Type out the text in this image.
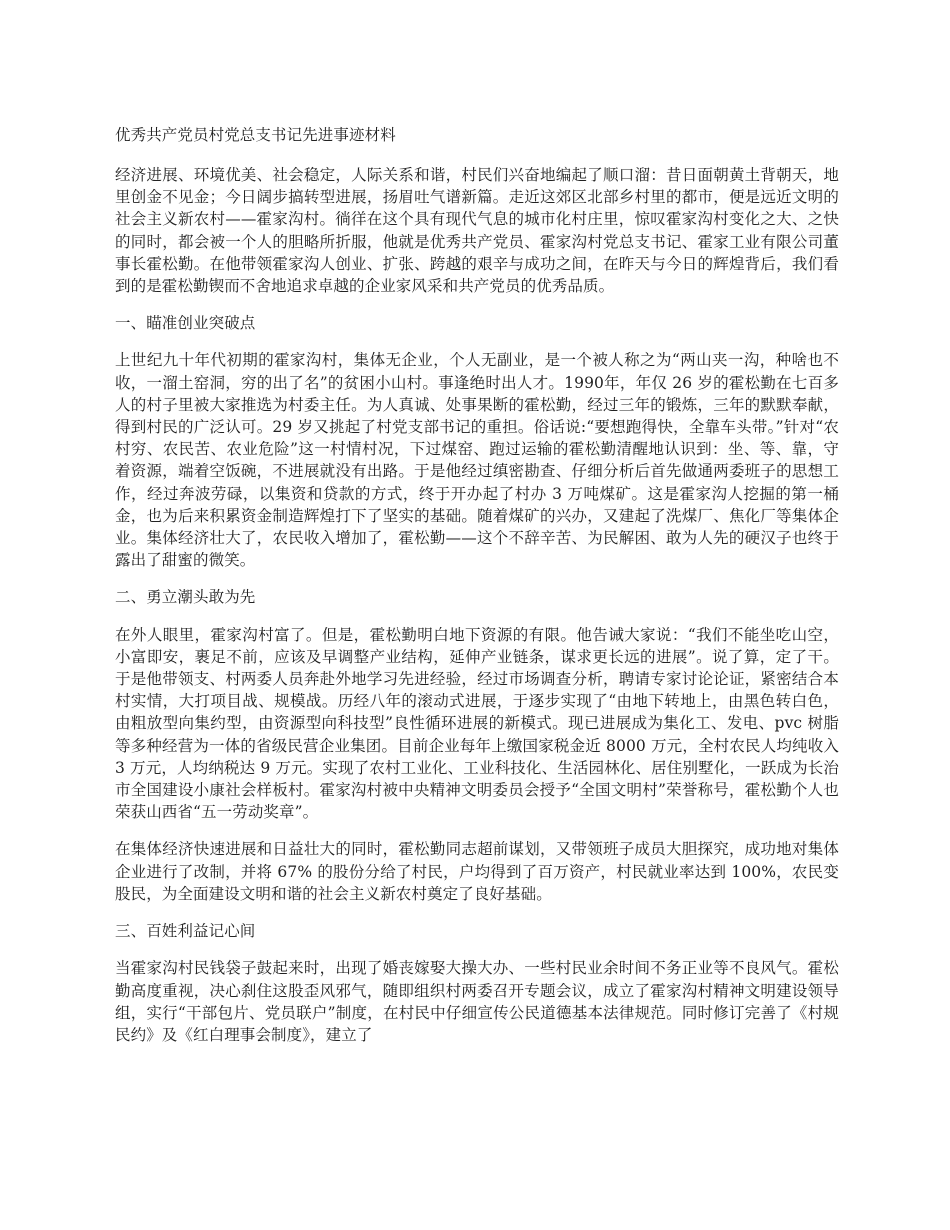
优秀共产党员村党总支书记先进事迹材料

经济进展、环境优美、社会稳定，人际关系和谐，村民们兴奋地编起了顺口溜：昔日面朝黄土背朝天，地里创金不见金；今日阔步搞转型进展，扬眉吐气谱新篇。走近这郊区北部乡村里的都市，便是远近文明的社会主义新农村——霍家沟村。徜徉在这个具有现代气息的城市化村庄里，惊叹霍家沟村变化之大、之快的同时，都会被一个人的胆略所折服，他就是优秀共产党员、霍家沟村党总支书记、霍家工业有限公司董事长霍松勤。在他带领霍家沟人创业、扩张、跨越的艰辛与成功之间，在昨天与今日的辉煌背后，我们看到的是霍松勤锲而不舍地追求卓越的企业家风采和共产党员的优秀品质。

一、瞄准创业突破点

上世纪九十年代初期的霍家沟村，集体无企业，个人无副业，是一个被人称之为“两山夹一沟，种啥也不收，一溜土窑洞，穷的出了名”的贫困小山村。事逢绝时出人才。1990年，年仅 26 岁的霍松勤在七百多人的村子里被大家推选为村委主任。为人真诚、处事果断的霍松勤，经过三年的锻炼，三年的默默奉献，得到村民的广泛认可。29 岁又挑起了村党支部书记的重担。俗话说:“要想跑得快，全靠车头带。”针对“农村穷、农民苦、农业危险”这一村情村况，下过煤窑、跑过运输的霍松勤清醒地认识到：坐、等、靠，守着资源，端着空饭碗，不进展就没有出路。于是他经过缜密勘查、仔细分析后首先做通两委班子的思想工作，经过奔波劳碌，以集资和贷款的方式，终于开办起了村办 3 万吨煤矿。这是霍家沟人挖掘的第一桶金，也为后来积累资金制造辉煌打下了坚实的基础。随着煤矿的兴办，又建起了洗煤厂、焦化厂等集体企业。集体经济壮大了，农民收入增加了，霍松勤——这个不辞辛苦、为民解困、敢为人先的硬汉子也终于露出了甜蜜的微笑。

二、勇立潮头敢为先

在外人眼里，霍家沟村富了。但是，霍松勤明白地下资源的有限。他告诫大家说：“我们不能坐吃山空，小富即安，裹足不前，应该及早调整产业结构，延伸产业链条，谋求更长远的进展”。说了算，定了干。于是他带领支、村两委人员奔赴外地学习先进经验，经过市场调查分析，聘请专家讨论论证，紧密结合本村实情，大打项目战、规模战。历经八年的滚动式进展，于逐步实现了“由地下转地上，由黑色转白色，由粗放型向集约型，由资源型向科技型”良性循环进展的新模式。现已进展成为集化工、发电、pvc 树脂等多种经营为一体的省级民营企业集团。目前企业每年上缴国家税金近 8000 万元，全村农民人均纯收入 3 万元，人均纳税达 9 万元。实现了农村工业化、工业科技化、生活园林化、居住别墅化，一跃成为长治市全国建设小康社会样板村。霍家沟村被中央精神文明委员会授予“全国文明村”荣誉称号，霍松勤个人也荣获山西省“五一劳动奖章”。

在集体经济快速进展和日益壮大的同时，霍松勤同志超前谋划，又带领班子成员大胆探究，成功地对集体企业进行了改制，并将 67% 的股份分给了村民，户均得到了百万资产，村民就业率达到 100%，农民变股民，为全面建设文明和谐的社会主义新农村奠定了良好基础。

三、百姓利益记心间

当霍家沟村民钱袋子鼓起来时，出现了婚丧嫁娶大操大办、一些村民业余时间不务正业等不良风气。霍松勤高度重视，决心刹住这股歪风邪气，随即组织村两委召开专题会议，成立了霍家沟村精神文明建设领导组，实行“干部包片、党员联户”制度，在村民中仔细宣传公民道德基本法律规范。同时修订完善了《村规民约》及《红白理事会制度》，建立了
